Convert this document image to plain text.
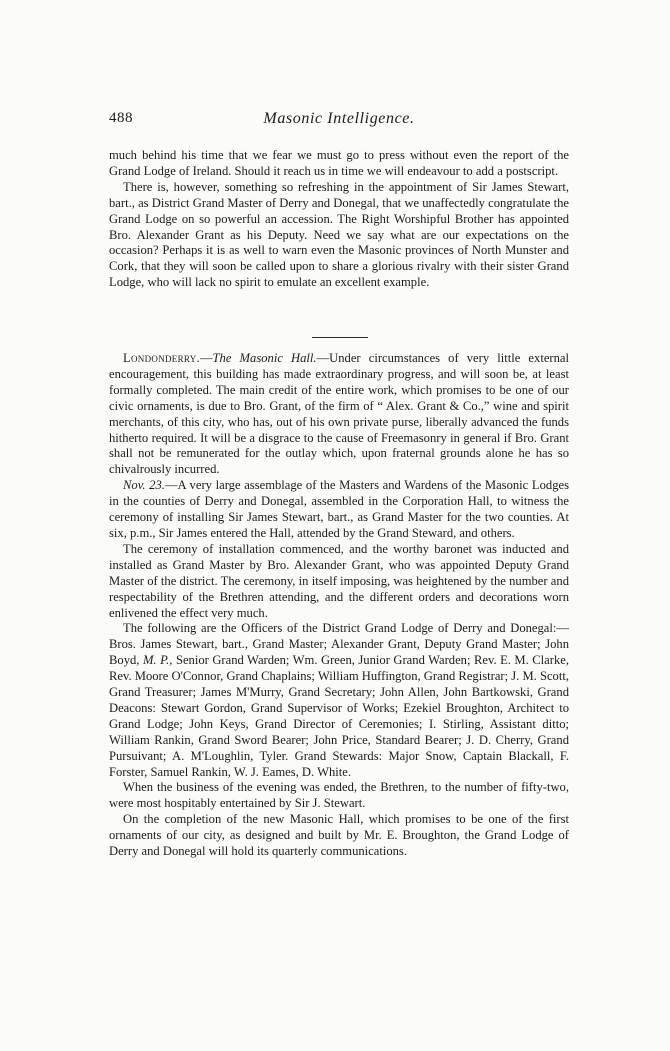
488	Masonic Intelligence.

much behind his time that we fear we must go to press without even the report of the Grand Lodge of Ireland. Should it reach us in time we will endeavour to add a postscript.

There is, however, something so refreshing in the appointment of Sir James Stewart, bart., as District Grand Master of Derry and Donegal, that we unaffectedly congratulate the Grand Lodge on so powerful an accession. The Right Worshipful Brother has appointed Bro. Alexander Grant as his Deputy. Need we say what are our expectations on the occasion? Perhaps it is as well to warn even the Masonic provinces of North Munster and Cork, that they will soon be called upon to share a glorious rivalry with their sister Grand Lodge, who will lack no spirit to emulate an excellent example.

Londonderry.—The Masonic Hall.—Under circumstances of very little external encouragement, this building has made extraordinary progress, and will soon be, at least formally completed. The main credit of the entire work, which promises to be one of our civic ornaments, is due to Bro. Grant, of the firm of “ Alex. Grant & Co.,” wine and spirit merchants, of this city, who has, out of his own private purse, liberally advanced the funds hitherto required. It will be a disgrace to the cause of Freemasonry in general if Bro. Grant shall not be remunerated for the outlay which, upon fraternal grounds alone he has so chivalrously incurred.

Nov. 23.—A very large assemblage of the Masters and Wardens of the Masonic Lodges in the counties of Derry and Donegal, assembled in the Corporation Hall, to witness the ceremony of installing Sir James Stewart, bart., as Grand Master for the two counties. At six, p.m., Sir James entered the Hall, attended by the Grand Steward, and others.

The ceremony of installation commenced, and the worthy baronet was inducted and installed as Grand Master by Bro. Alexander Grant, who was appointed Deputy Grand Master of the district. The ceremony, in itself imposing, was heightened by the number and respectability of the Brethren attending, and the different orders and decorations worn enlivened the effect very much.

The following are the Officers of the District Grand Lodge of Derry and Donegal:—Bros. James Stewart, bart., Grand Master; Alexander Grant, Deputy Grand Master; John Boyd, M. P., Senior Grand Warden; Wm. Green, Junior Grand Warden; Rev. E. M. Clarke, Rev. Moore O'Connor, Grand Chaplains; William Huffington, Grand Registrar; J. M. Scott, Grand Treasurer; James M'Murry, Grand Secretary; John Allen, John Bartkowski, Grand Deacons: Stewart Gordon, Grand Supervisor of Works; Ezekiel Broughton, Architect to Grand Lodge; John Keys, Grand Director of Ceremonies; I. Stirling, Assistant ditto; William Rankin, Grand Sword Bearer; John Price, Standard Bearer; J. D. Cherry, Grand Pursuivant; A. M'Loughlin, Tyler. Grand Stewards: Major Snow, Captain Blackall, F. Forster, Samuel Rankin, W. J. Eames, D. White.

When the business of the evening was ended, the Brethren, to the number of fifty-two, were most hospitably entertained by Sir J. Stewart.

On the completion of the new Masonic Hall, which promises to be one of the first ornaments of our city, as designed and built by Mr. E. Broughton, the Grand Lodge of Derry and Donegal will hold its quarterly communications.
